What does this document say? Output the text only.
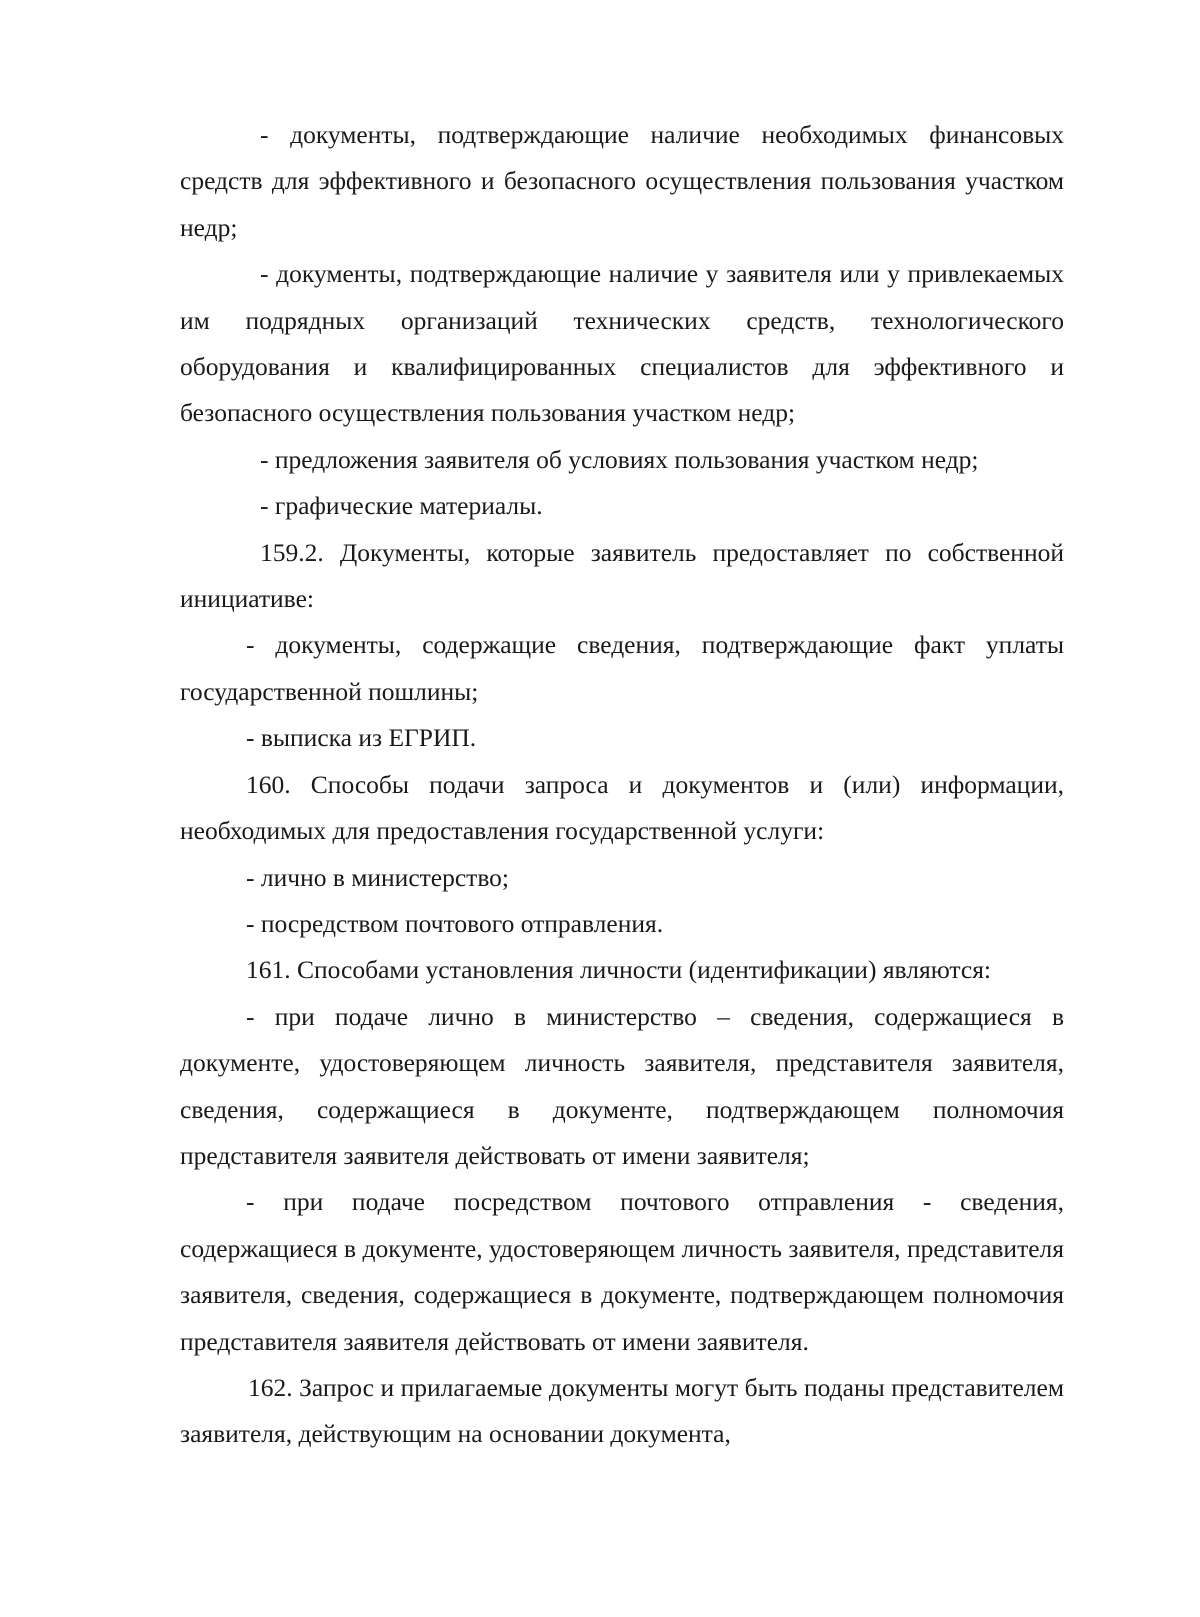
- документы, подтверждающие наличие необходимых финансовых средств для эффективного и безопасного осуществления пользования участком недр;

- документы, подтверждающие наличие у заявителя или у привлекаемых им подрядных организаций технических средств, технологического оборудования и квалифицированных специалистов для эффективного и безопасного осуществления пользования участком недр;

- предложения заявителя об условиях пользования участком недр;

- графические материалы.

159.2. Документы, которые заявитель предоставляет по собственной инициативе:

- документы, содержащие сведения, подтверждающие факт уплаты государственной пошлины;

- выписка из ЕГРИП.

160. Способы подачи запроса и документов и (или) информации, необходимых для предоставления государственной услуги:

- лично в министерство;

- посредством почтового отправления.

161. Способами установления личности (идентификации) являются:

- при подаче лично в министерство – сведения, содержащиеся в документе, удостоверяющем личность заявителя, представителя заявителя, сведения, содержащиеся в документе, подтверждающем полномочия представителя заявителя действовать от имени заявителя;

- при подаче посредством почтового отправления - сведения, содержащиеся в документе, удостоверяющем личность заявителя, представителя заявителя, сведения, содержащиеся в документе, подтверждающем полномочия представителя заявителя действовать от имени заявителя.

162. Запрос и прилагаемые документы могут быть поданы представителем заявителя, действующим на основании документа,
